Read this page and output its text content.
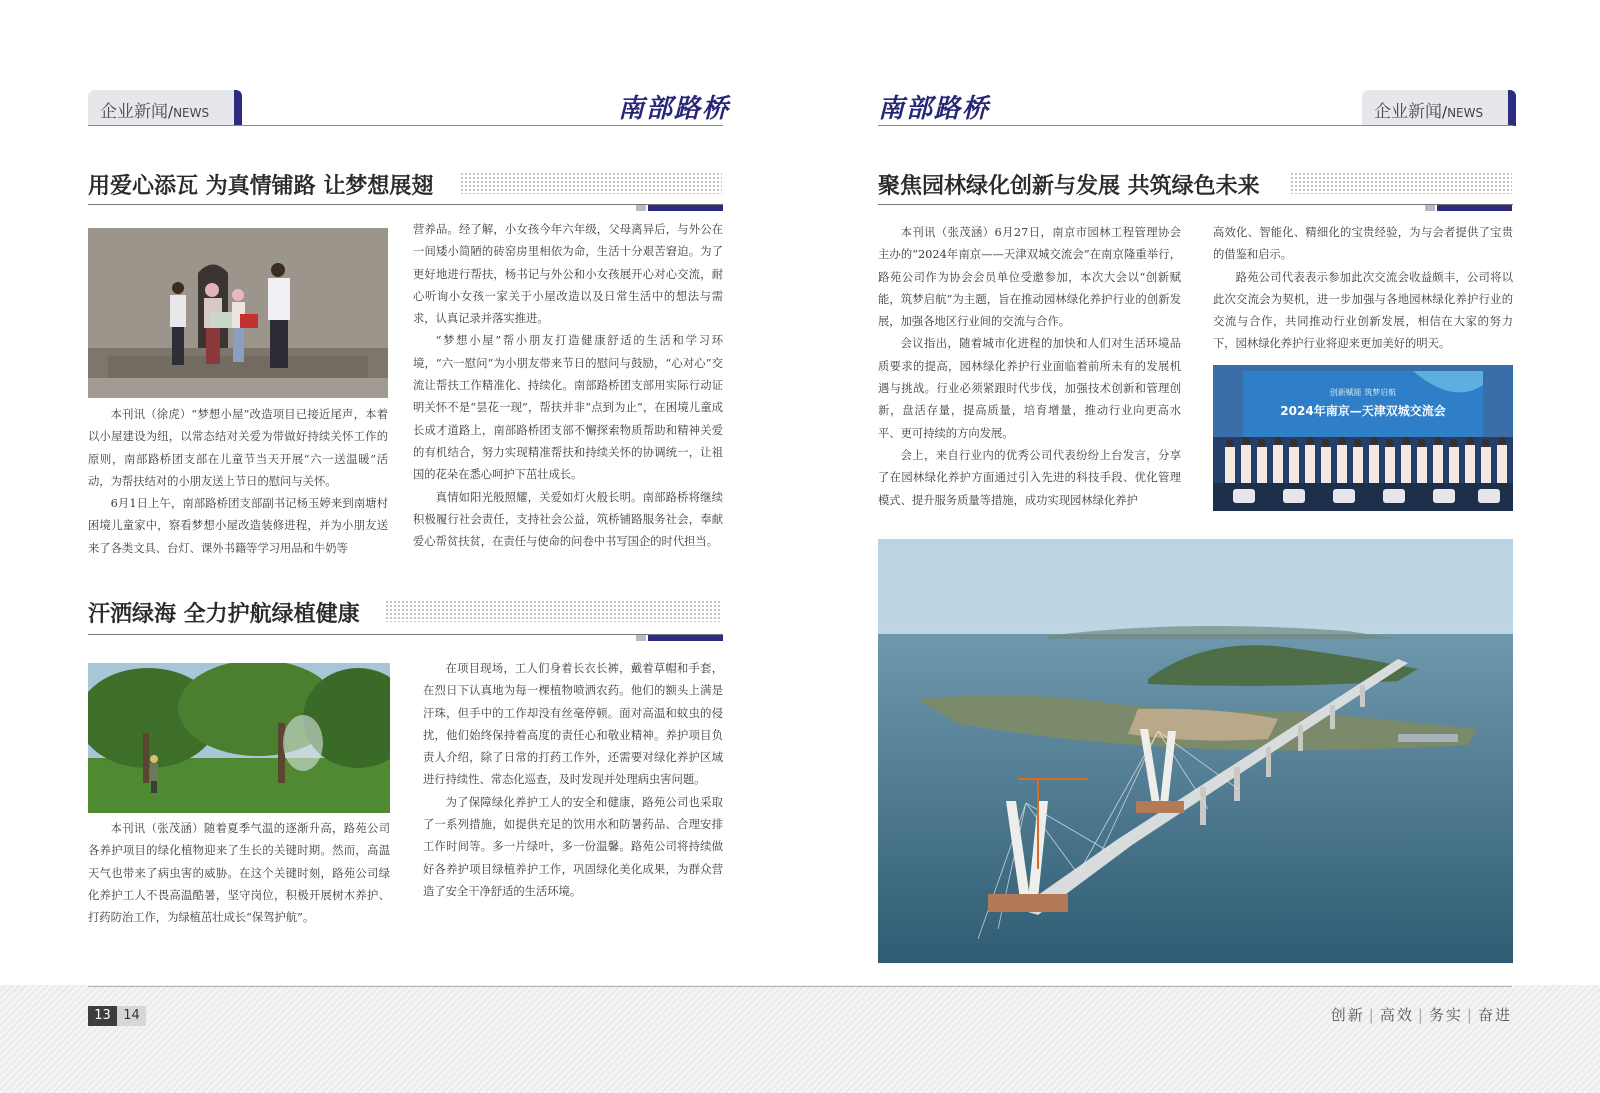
企业新闻/NEWS	南部路桥
用爱心添瓦 为真情铺路 让梦想展翅

本刊讯（徐虎）“梦想小屋”改造项目已接近尾声，本着以小屋建设为纽，以常态结对关爱为带做好持续关怀工作的原则，南部路桥团支部在儿童节当天开展“六一送温暖”活动，为帮扶结对的小朋友送上节日的慰问与关怀。

6月1日上午，南部路桥团支部副书记杨玉婷来到南塘村困境儿童家中，察看梦想小屋改造装修进程，并为小朋友送来了各类文具、台灯、课外书籍等学习用品和牛奶等

营养品。经了解，小女孩今年六年级，父母离异后，与外公在一间矮小简陋的砖窑房里相依为命，生活十分艰苦窘迫。为了更好地进行帮扶，杨书记与外公和小女孩展开心对心交流，耐心听询小女孩一家关于小屋改造以及日常生活中的想法与需求，认真记录并落实推进。

“梦想小屋”帮小朋友打造健康舒适的生活和学习环境，“六一慰问”为小朋友带来节日的慰问与鼓励，“心对心”交流让帮扶工作精准化、持续化。南部路桥团支部用实际行动证明关怀不是“昙花一现”，帮扶并非“点到为止”，在困境儿童成长成才道路上，南部路桥团支部不懈探索物质帮助和精神关爱的有机结合，努力实现精准帮扶和持续关怀的协调统一，让祖国的花朵在悉心呵护下茁壮成长。

真情如阳光般照耀，关爱如灯火般长明。南部路桥将继续积极履行社会责任，支持社会公益，筑桥铺路服务社会，奉献爱心帮贫扶贫，在责任与使命的问卷中书写国企的时代担当。

汗洒绿海 全力护航绿植健康

本刊讯（张茂涵）随着夏季气温的逐渐升高，路苑公司各养护项目的绿化植物迎来了生长的关键时期。然而，高温天气也带来了病虫害的威胁。在这个关键时刻，路苑公司绿化养护工人不畏高温酷暑，坚守岗位，积极开展树木养护、打药防治工作，为绿植茁壮成长“保驾护航”。

在项目现场，工人们身着长衣长裤，戴着草帽和手套，在烈日下认真地为每一棵植物喷洒农药。他们的额头上满是汗珠，但手中的工作却没有丝毫停顿。面对高温和蚊虫的侵扰，他们始终保持着高度的责任心和敬业精神。养护项目负责人介绍，除了日常的打药工作外，还需要对绿化养护区域进行持续性、常态化巡查，及时发现并处理病虫害问题。

为了保障绿化养护工人的安全和健康，路苑公司也采取了一系列措施，如提供充足的饮用水和防暑药品、合理安排工作时间等。多一片绿叶，多一份温馨。路苑公司将持续做好各养护项目绿植养护工作，巩固绿化美化成果，为群众营造了安全干净舒适的生活环境。

南部路桥	企业新闻/NEWS
聚焦园林绿化创新与发展 共筑绿色未来

本刊讯（张茂涵）6月27日，南京市园林工程管理协会主办的“2024年南京——天津双城交流会”在南京隆重举行，路苑公司作为协会会员单位受邀参加，本次大会以“创新赋能，筑梦启航”为主题，旨在推动园林绿化养护行业的创新发展，加强各地区行业间的交流与合作。

会议指出，随着城市化进程的加快和人们对生活环境品质要求的提高，园林绿化养护行业面临着前所未有的发展机遇与挑战。行业必须紧跟时代步伐，加强技术创新和管理创新，盘活存量，提高质量，培育增量，推动行业向更高水平、更可持续的方向发展。

会上，来自行业内的优秀公司代表纷纷上台发言，分享了在园林绿化养护方面通过引入先进的科技手段、优化管理模式、提升服务质量等措施，成功实现园林绿化养护

高效化、智能化、精细化的宝贵经验，为与会者提供了宝贵的借鉴和启示。

路苑公司代表表示参加此次交流会收益颇丰，公司将以此次交流会为契机，进一步加强与各地园林绿化养护行业的交流与合作，共同推动行业创新发展，相信在大家的努力下，园林绿化养护行业将迎来更加美好的明天。

创新赋能 筑梦启航
2024年南京—天津双城交流会
13 14	创新 | 高效 | 务实 | 奋进
